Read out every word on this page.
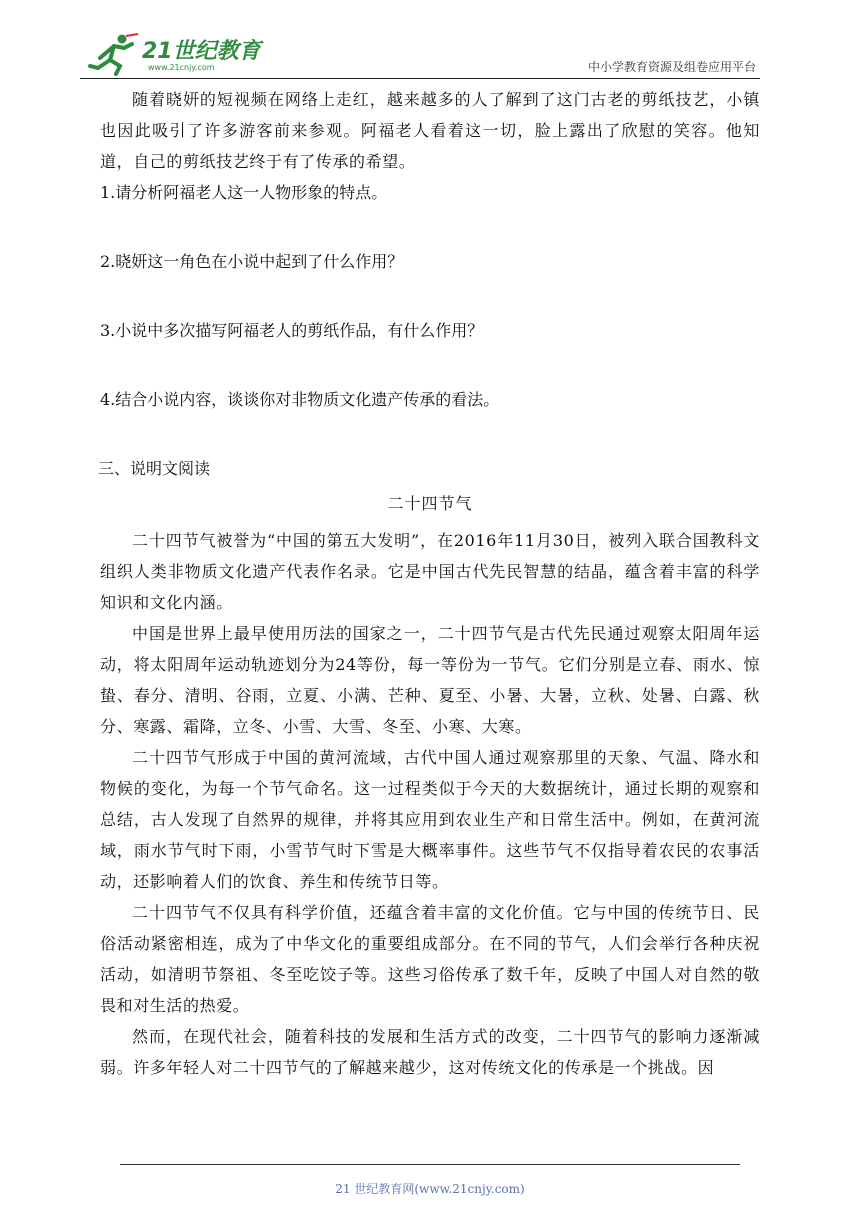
21世纪教育
www.21cnjy.com	中小学教育资源及组卷应用平台

随着晓妍的短视频在网络上走红，越来越多的人了解到了这门古老的剪纸技艺，小镇也因此吸引了许多游客前来参观。阿福老人看着这一切，脸上露出了欣慰的笑容。他知道，自己的剪纸技艺终于有了传承的希望。

1.请分析阿福老人这一人物形象的特点。

2.晓妍这一角色在小说中起到了什么作用？

3.小说中多次描写阿福老人的剪纸作品，有什么作用？

4.结合小说内容，谈谈你对非物质文化遗产传承的看法。

三、说明文阅读

二十四节气

二十四节气被誉为“中国的第五大发明”，在2016年11月30日，被列入联合国教科文组织人类非物质文化遗产代表作名录。它是中国古代先民智慧的结晶，蕴含着丰富的科学知识和文化内涵。

中国是世界上最早使用历法的国家之一，二十四节气是古代先民通过观察太阳周年运动，将太阳周年运动轨迹划分为24等份，每一等份为一节气。它们分别是立春、雨水、惊蛰、春分、清明、谷雨，立夏、小满、芒种、夏至、小暑、大暑，立秋、处暑、白露、秋分、寒露、霜降，立冬、小雪、大雪、冬至、小寒、大寒。

二十四节气形成于中国的黄河流域，古代中国人通过观察那里的天象、气温、降水和物候的变化，为每一个节气命名。这一过程类似于今天的大数据统计，通过长期的观察和总结，古人发现了自然界的规律，并将其应用到农业生产和日常生活中。例如，在黄河流域，雨水节气时下雨，小雪节气时下雪是大概率事件。这些节气不仅指导着农民的农事活动，还影响着人们的饮食、养生和传统节日等。

二十四节气不仅具有科学价值，还蕴含着丰富的文化价值。它与中国的传统节日、民俗活动紧密相连，成为了中华文化的重要组成部分。在不同的节气，人们会举行各种庆祝活动，如清明节祭祖、冬至吃饺子等。这些习俗传承了数千年，反映了中国人对自然的敬畏和对生活的热爱。

然而，在现代社会，随着科技的发展和生活方式的改变，二十四节气的影响力逐渐减弱。许多年轻人对二十四节气的了解越来越少，这对传统文化的传承是一个挑战。因

21 世纪教育网(www.21cnjy.com)
